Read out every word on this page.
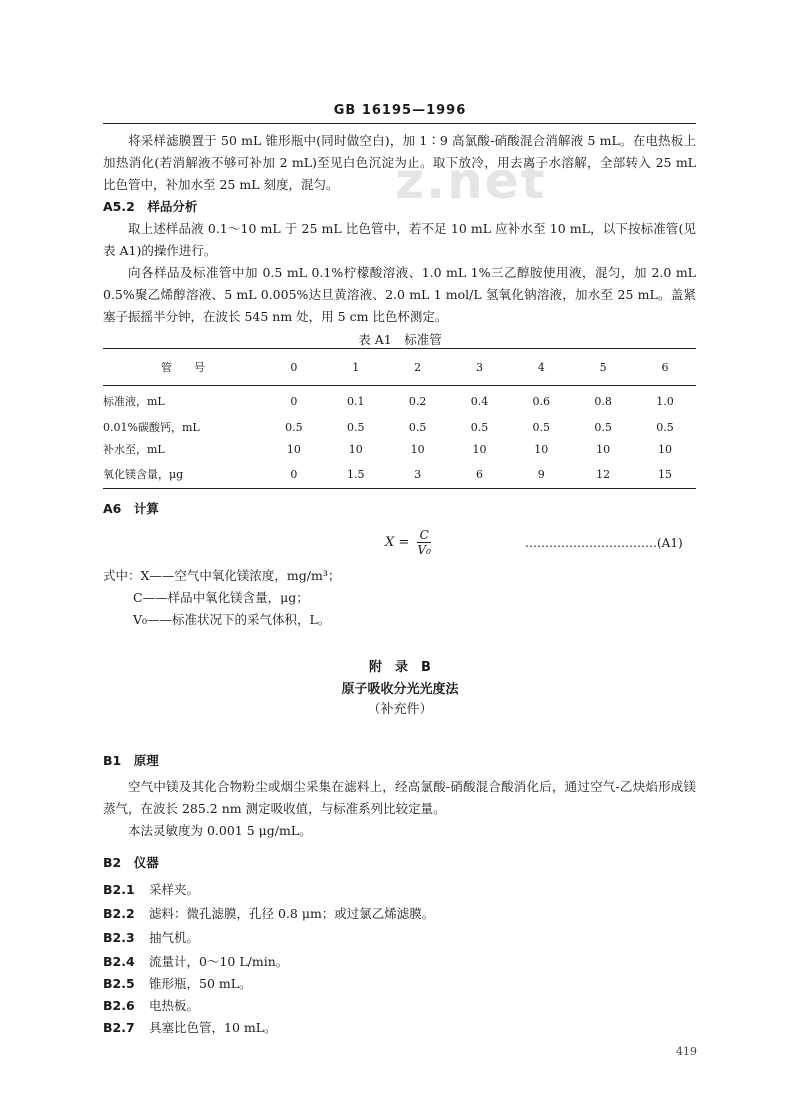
GB 16195—1996
z.net
将采样滤膜置于 50 mL 锥形瓶中(同时做空白)，加 1∶9 高氯酸-硝酸混合消解液 5 mL。在电热板上加热消化(若消解液不够可补加 2 mL)至见白色沉淀为止。取下放冷，用去离子水溶解，全部转入 25 mL 比色管中，补加水至 25 mL 刻度，混匀。
A5.2　样品分析
取上述样品液 0.1～10 mL 于 25 mL 比色管中，若不足 10 mL 应补水至 10 mL，以下按标准管(见表 A1)的操作进行。
向各样品及标准管中加 0.5 mL 0.1%柠檬酸溶液、1.0 mL 1%三乙醇胺使用液，混匀，加 2.0 mL 0.5%聚乙烯醇溶液、5 mL 0.005%达旦黄溶液、2.0 mL 1 mol/L 氢氧化钠溶液，加水至 25 mL。盖紧塞子振摇半分钟，在波长 545 nm 处，用 5 cm 比色杯测定。
表 A1　标准管
管　　号	0	1	2	3	4	5	6
标准液，mL	0	0.1	0.2	0.4	0.6	0.8	1.0
0.01%碳酸钙，mL	0.5	0.5	0.5	0.5	0.5	0.5	0.5
补水至，mL	10	10	10	10	10	10	10
氧化镁含量，μg	0	1.5	3	6	9	12	15
A6　计算
$X = \frac{C}{\text{V₀}}$	……………………………(A1)
式中：X——空气中氧化镁浓度，mg/m³；
C——样品中氧化镁含量，μg；
V₀——标准状况下的采气体积，L。
附　录　B
原子吸收分光光度法
（补充件）
B1　原理
空气中镁及其化合物粉尘或烟尘采集在滤料上，经高氯酸-硝酸混合酸消化后，通过空气-乙炔焰形成镁蒸气，在波长 285.2 nm 测定吸收值，与标准系列比较定量。
本法灵敏度为 0.001 5 μg/mL。
B2　仪器
B2.1 采样夹。
B2.2 滤料：微孔滤膜，孔径 0.8 μm；或过氯乙烯滤膜。
B2.3 抽气机。
B2.4 流量计，0～10 L/min。
B2.5 锥形瓶，50 mL。
B2.6 电热板。
B2.7 具塞比色管，10 mL。
419
